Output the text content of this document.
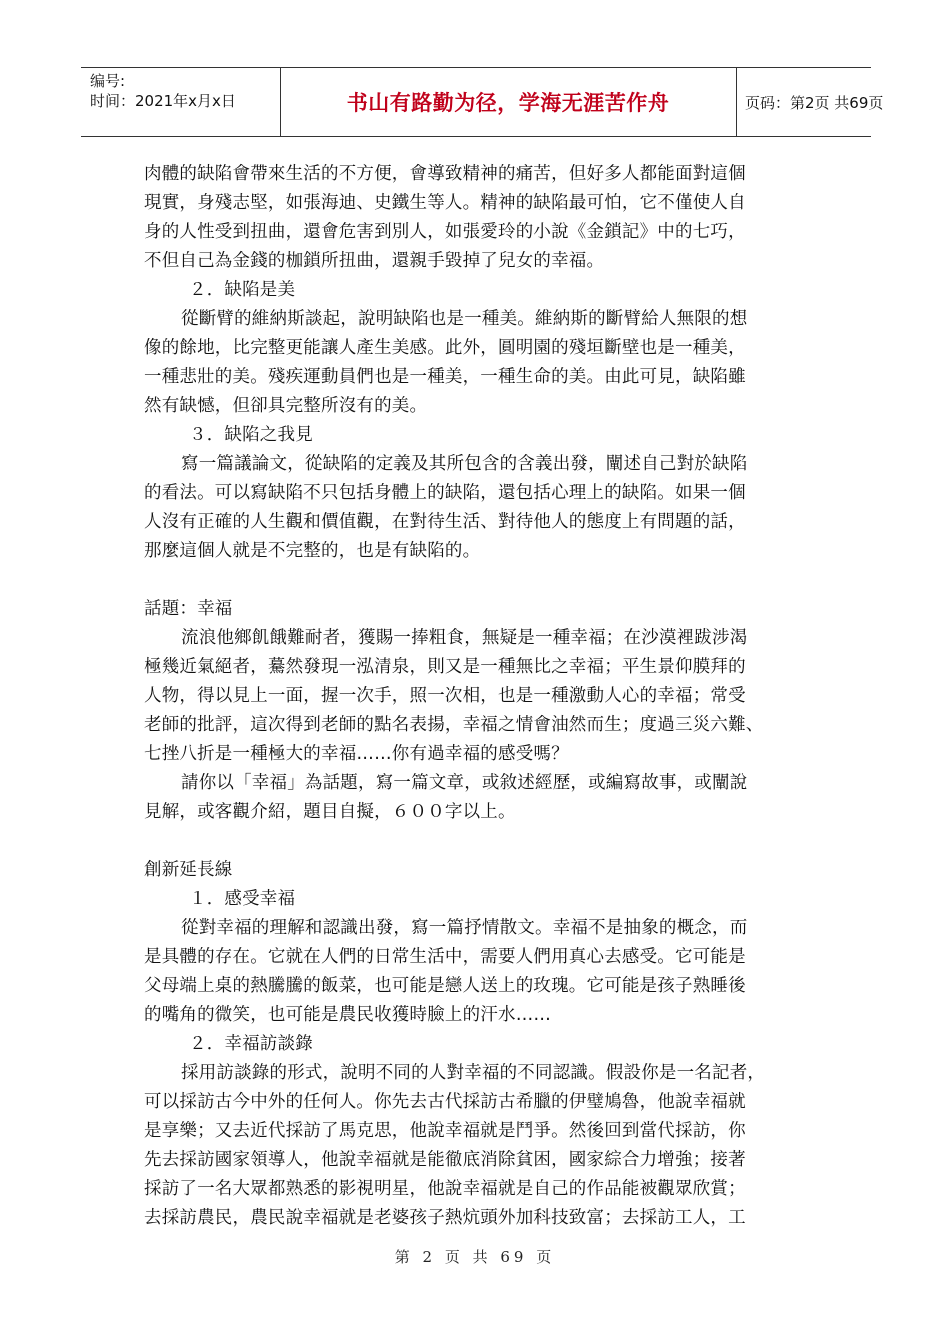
编号:
时间：2021年x月x日	书山有路勤为径，学海无涯苦作舟	页码：第2页 共69页

肉體的缺陷會帶來生活的不方便，會導致精神的痛苦，但好多人都能面對這個

現實，身殘志堅，如張海迪、史鐵生等人。精神的缺陷最可怕，它不僅使人自

身的人性受到扭曲，還會危害到別人，如張愛玲的小說《金鎖記》中的七巧，

不但自己為金錢的枷鎖所扭曲，還親手毀掉了兒女的幸福。

２．缺陷是美

從斷臂的維納斯談起，說明缺陷也是一種美。維納斯的斷臂給人無限的想

像的餘地，比完整更能讓人產生美感。此外，圓明園的殘垣斷壁也是一種美，

一種悲壯的美。殘疾運動員們也是一種美，一種生命的美。由此可見，缺陷雖

然有缺憾，但卻具完整所沒有的美。

３．缺陷之我見

寫一篇議論文，從缺陷的定義及其所包含的含義出發，闡述自己對於缺陷

的看法。可以寫缺陷不只包括身體上的缺陷，還包括心理上的缺陷。如果一個

人沒有正確的人生觀和價值觀，在對待生活、對待他人的態度上有問題的話，

那麼這個人就是不完整的，也是有缺陷的。

話題：幸福

流浪他鄉飢餓難耐者，獲賜一捧粗食，無疑是一種幸福；在沙漠裡跋涉渴

極幾近氣絕者，驀然發現一泓清泉，則又是一種無比之幸福；平生景仰膜拜的

人物，得以見上一面，握一次手，照一次相，也是一種激動人心的幸福；常受

老師的批評，這次得到老師的點名表揚，幸福之情會油然而生；度過三災六難、

七挫八折是一種極大的幸福……你有過幸福的感受嗎？

請你以「幸福」為話題，寫一篇文章，或敘述經歷，或編寫故事，或闡說

見解，或客觀介紹，題目自擬，６００字以上。

創新延長線

１．感受幸福

從對幸福的理解和認識出發，寫一篇抒情散文。幸福不是抽象的概念，而

是具體的存在。它就在人們的日常生活中，需要人們用真心去感受。它可能是

父母端上桌的熱騰騰的飯菜，也可能是戀人送上的玫瑰。它可能是孩子熟睡後

的嘴角的微笑，也可能是農民收獲時臉上的汗水……

２．幸福訪談錄

採用訪談錄的形式，說明不同的人對幸福的不同認識。假設你是一名記者，

可以採訪古今中外的任何人。你先去古代採訪古希臘的伊璧鳩魯，他說幸福就

是享樂；又去近代採訪了馬克思，他說幸福就是鬥爭。然後回到當代採訪，你

先去採訪國家領導人，他說幸福就是能徹底消除貧困，國家綜合力增強；接著

採訪了一名大眾都熟悉的影視明星，他說幸福就是自己的作品能被觀眾欣賞；

去採訪農民，農民說幸福就是老婆孩子熱炕頭外加科技致富；去採訪工人，工

第 2 页 共 69 页
